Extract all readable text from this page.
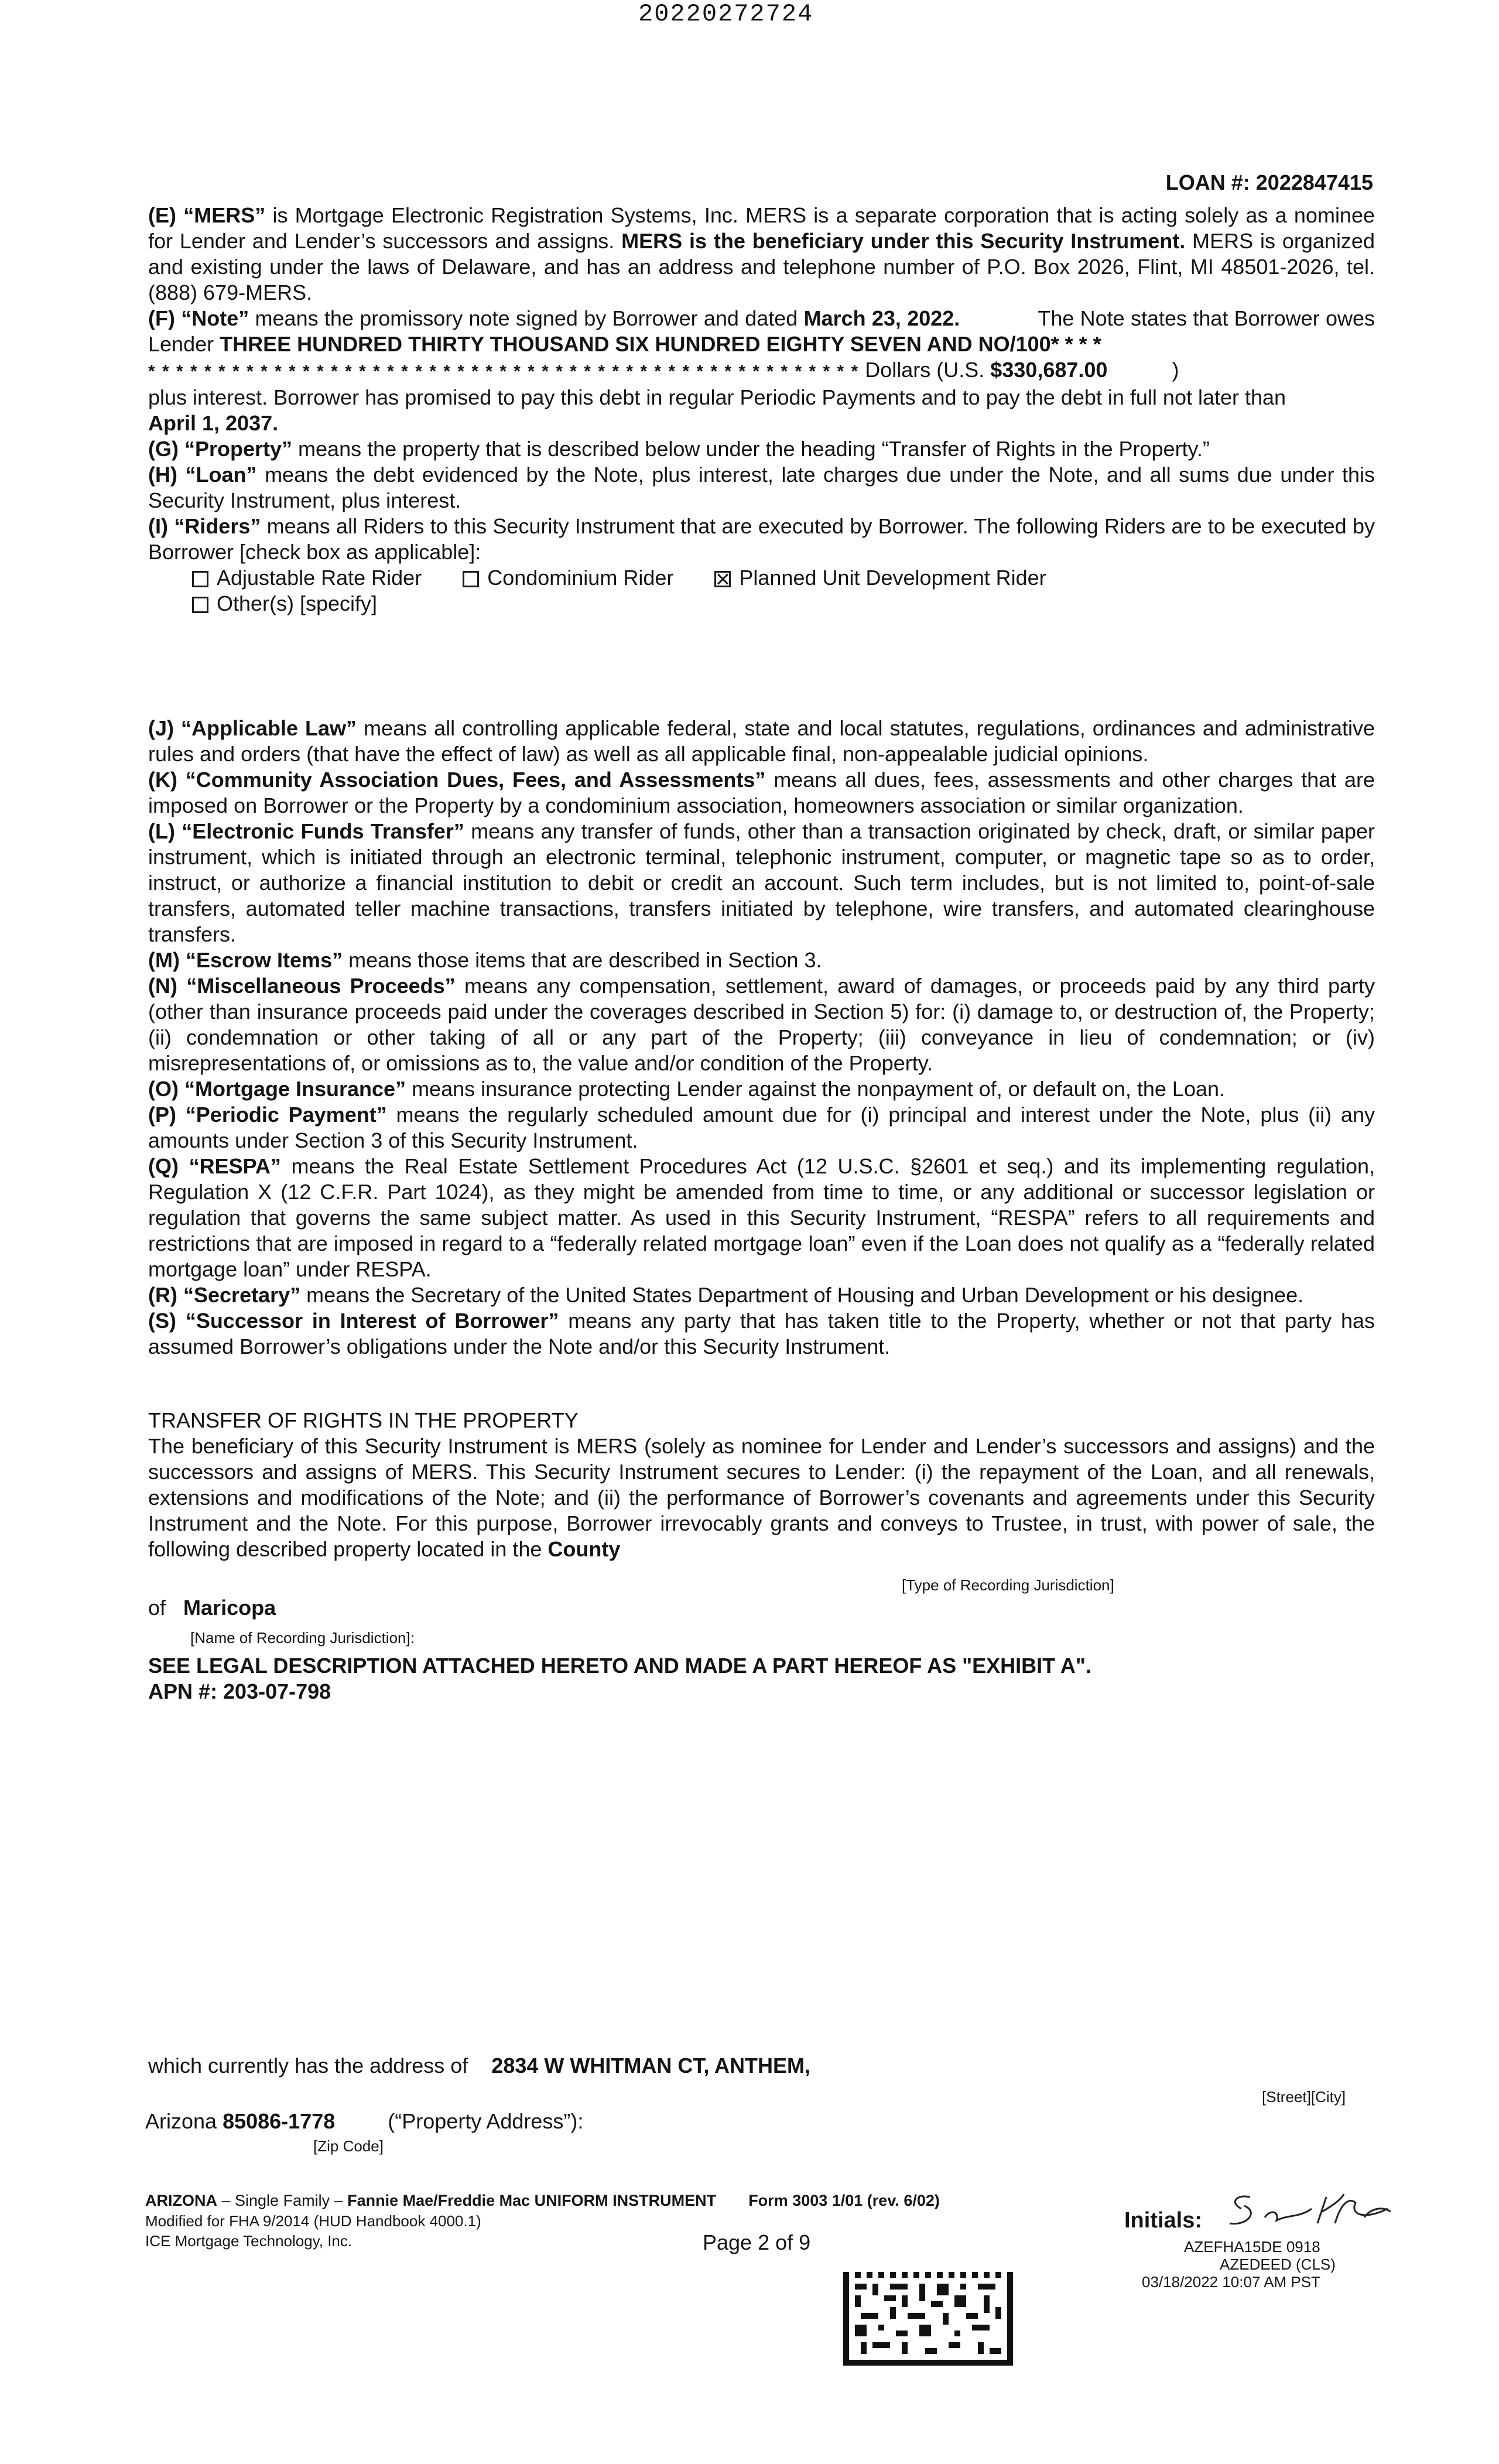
20220272724
LOAN #: 2022847415

(E) “MERS” is Mortgage Electronic Registration Systems, Inc. MERS is a separate corporation that is acting solely as a nominee for Lender and Lender’s successors and assigns. MERS is the beneficiary under this Security Instrument. MERS is organized and existing under the laws of Delaware, and has an address and telephone number of P.O. Box 2026, Flint, MI 48501-2026, tel. (888) 679-MERS.

(F) “Note” means the promissory note signed by Borrower and dated March 23, 2022.	The Note states that Borrower owes Lender THREE HUNDRED THIRTY THOUSAND SIX HUNDRED EIGHTY SEVEN AND NO/100* * * *
* * * * * * * * * * * * * * * * * * * * * * * * * * * * * * * * * * * * * * * * * * * * * * * * * * * Dollars (U.S. $330,687.00	)
plus interest. Borrower has promised to pay this debt in regular Periodic Payments and to pay the debt in full not later than
April 1, 2037.

(G) “Property” means the property that is described below under the heading “Transfer of Rights in the Property.”

(H) “Loan” means the debt evidenced by the Note, plus interest, late charges due under the Note, and all sums due under this Security Instrument, plus interest.

(I) “Riders” means all Riders to this Security Instrument that are executed by Borrower. The following Riders are to be executed by Borrower [check box as applicable]:

Adjustable Rate Rider	Condominium Rider	Planned Unit Development Rider
Other(s) [specify]

(J) “Applicable Law” means all controlling applicable federal, state and local statutes, regulations, ordinances and administrative rules and orders (that have the effect of law) as well as all applicable final, non-appealable judicial opinions.

(K) “Community Association Dues, Fees, and Assessments” means all dues, fees, assessments and other charges that are imposed on Borrower or the Property by a condominium association, homeowners association or similar organization.

(L) “Electronic Funds Transfer” means any transfer of funds, other than a transaction originated by check, draft, or similar paper instrument, which is initiated through an electronic terminal, telephonic instrument, computer, or magnetic tape so as to order, instruct, or authorize a financial institution to debit or credit an account. Such term includes, but is not limited to, point-of-sale transfers, automated teller machine transactions, transfers initiated by telephone, wire transfers, and automated clearinghouse transfers.

(M) “Escrow Items” means those items that are described in Section 3.

(N) “Miscellaneous Proceeds” means any compensation, settlement, award of damages, or proceeds paid by any third party (other than insurance proceeds paid under the coverages described in Section 5) for: (i) damage to, or destruction of, the Property; (ii) condemnation or other taking of all or any part of the Property; (iii) conveyance in lieu of condemnation; or (iv) misrepresentations of, or omissions as to, the value and/or condition of the Property.

(O) “Mortgage Insurance” means insurance protecting Lender against the nonpayment of, or default on, the Loan.

(P) “Periodic Payment” means the regularly scheduled amount due for (i) principal and interest under the Note, plus (ii) any amounts under Section 3 of this Security Instrument.

(Q) “RESPA” means the Real Estate Settlement Procedures Act (12 U.S.C. §2601 et seq.) and its implementing regulation, Regulation X (12 C.F.R. Part 1024), as they might be amended from time to time, or any additional or successor legislation or regulation that governs the same subject matter. As used in this Security Instrument, “RESPA” refers to all requirements and restrictions that are imposed in regard to a “federally related mortgage loan” even if the Loan does not qualify as a “federally related mortgage loan” under RESPA.

(R) “Secretary” means the Secretary of the United States Department of Housing and Urban Development or his designee.

(S) “Successor in Interest of Borrower” means any party that has taken title to the Property, whether or not that party has assumed Borrower’s obligations under the Note and/or this Security Instrument.

TRANSFER OF RIGHTS IN THE PROPERTY

The beneficiary of this Security Instrument is MERS (solely as nominee for Lender and Lender’s successors and assigns) and the successors and assigns of MERS. This Security Instrument secures to Lender: (i) the repayment of the Loan, and all renewals, extensions and modifications of the Note; and (ii) the performance of Borrower’s covenants and agreements under this Security Instrument and the Note. For this purpose, Borrower irrevocably grants and conveys to Trustee, in trust, with power of sale, the following described property located in the County

[Type of Recording Jurisdiction]
of Maricopa
[Name of Recording Jurisdiction]:
SEE LEGAL DESCRIPTION ATTACHED HERETO AND MADE A PART HEREOF AS "EXHIBIT A".
APN #: 203-07-798
which currently has the address of 2834 W WHITMAN CT, ANTHEM,
[Street][City]
Arizona 85086-1778	(“Property Address”):
[Zip Code]
ARIZONA – Single Family – Fannie Mae/Freddie Mac UNIFORM INSTRUMENT Form 3003 1/01 (rev. 6/02)
Modified for FHA 9/2014 (HUD Handbook 4000.1)
ICE Mortgage Technology, Inc.	Page 2 of 9
Initials:
AZEFHA15DE 0918
AZEDEED (CLS)
03/18/2022 10:07 AM PST
